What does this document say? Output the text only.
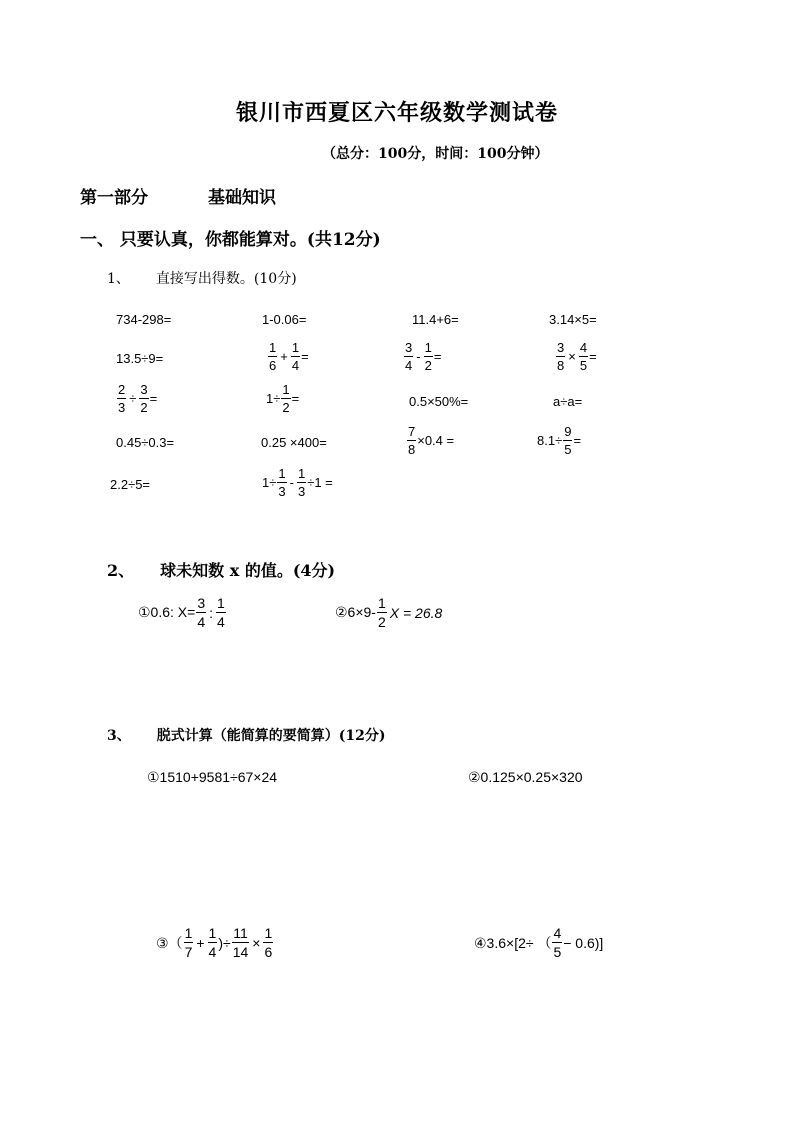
银川市西夏区六年级数学测试卷
（总分：100分，时间：100分钟）
第一部分	基础知识
一、 只要认真，你都能算对。(共12分)
1、 直接写出得数。(10分)
734-298=	1-0.06=	11.4+6=	3.14×5=
13.5÷9=	$\frac{1}{6} + \frac{1}{4}$ =	$\frac{3}{4} - \frac{1}{2}$ =	$\frac{3}{8} \times \frac{4}{5}$ =
$\frac{2}{3} \div \frac{3}{2}$ =	$1\div \frac{1}{2}$ =	0.5×50%=	a÷a=
0.45÷0.3=	0.25 ×400=	$\frac{7}{8} \times 0.4$ =	$8.1\div \frac{9}{5}$ =
2.2÷5=	$1\div \frac{1}{3} - \frac{1}{3} \div 1$ =
2、 球未知数 x 的值。(4分)
①0.6: $X= \frac{3}{4}$ : $\frac{1}{4}$	②6×9- $\frac{1}{2}$ X = 26.8
3、 脱式计算（能简算的要简算）(12分)
①1510+9581÷67×24	②0.125×0.25×320
③（ $\frac{1}{7} + \frac{1}{4}$ )÷ $\frac{11}{14} \times \frac{1}{6}$	④3.6×[2÷ （ $\frac{4}{5} - 0.6$)]
